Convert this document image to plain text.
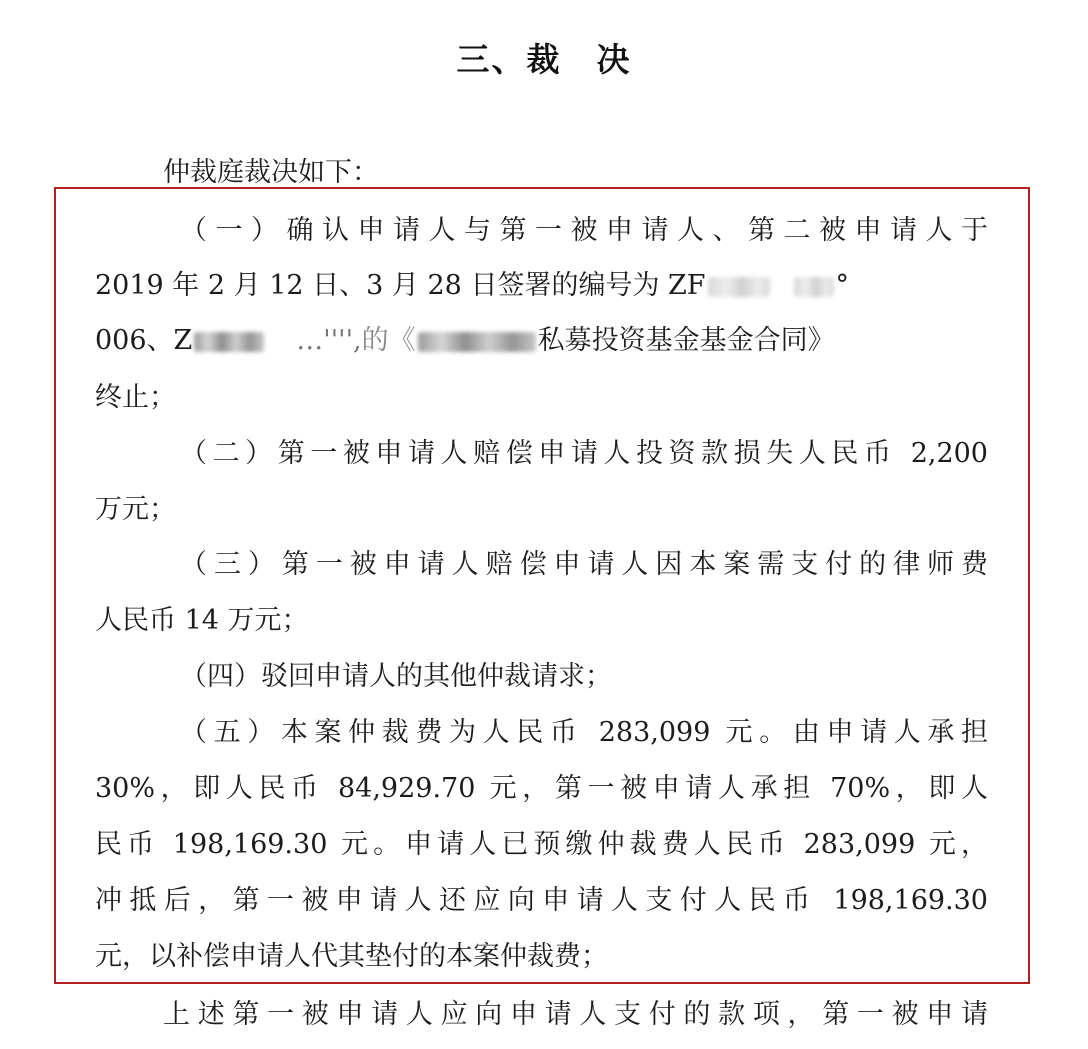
三、裁　决
仲裁庭裁决如下：
（一）确认申请人与第一被申请人、第二被申请人于
2019 年 2 月 12 日、3 月 28 日签署的编号为 ZF	°
006、Z	…'''',的《	私募投资基金基金合同》
终止；
（二）第一被申请人赔偿申请人投资款损失人民币 2,200
万元；
（三）第一被申请人赔偿申请人因本案需支付的律师费
人民币 14 万元；
（四）驳回申请人的其他仲裁请求；
（五）本案仲裁费为人民币 283,099 元。由申请人承担
30%，即人民币 84,929.70 元，第一被申请人承担 70%，即人
民币 198,169.30 元。申请人已预缴仲裁费人民币 283,099 元，
冲抵后，第一被申请人还应向申请人支付人民币 198,169.30
元，以补偿申请人代其垫付的本案仲裁费；
上述第一被申请人应向申请人支付的款项，第一被申请
